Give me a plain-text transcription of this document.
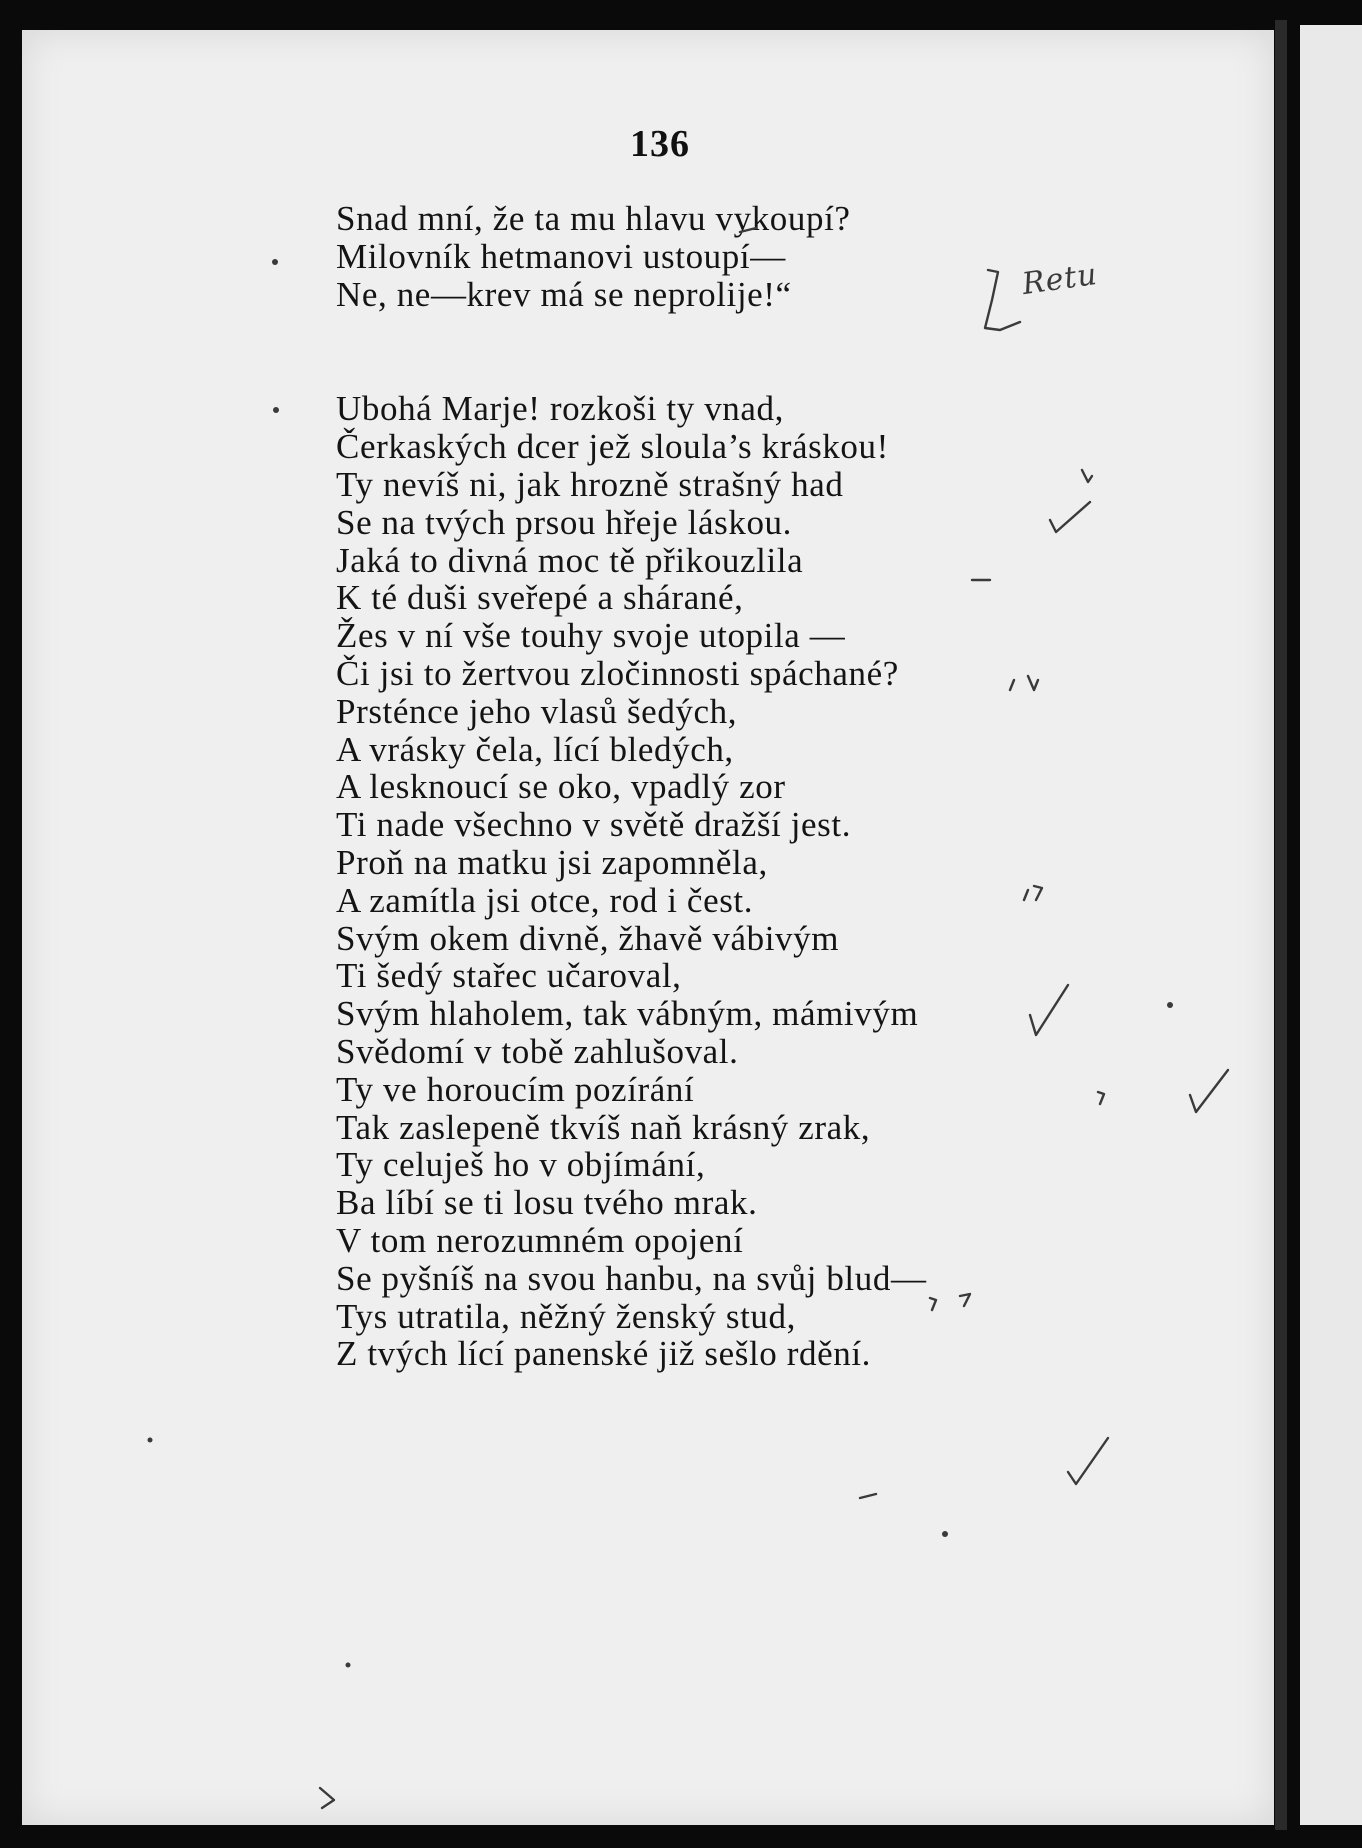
136
Snad mní, že ta mu hlavu vykoupí?
Milovník hetmanovi ustoupí—
Ne, ne—krev má se neprolije!“
Ubohá Marje! rozkoši ty vnad,
Čerkaských dcer jež sloula’s kráskou!
Ty nevíš ni, jak hrozně strašný had
Se na tvých prsou hřeje láskou.
Jaká to divná moc tě přikouzlila
K té duši sveřepé a shárané,
Žes v ní vše touhy svoje utopila —
Či jsi to žertvou zločinnosti spáchané?
Prsténce jeho vlasů šedých,
A vrásky čela, lící bledých,
A lesknoucí se oko, vpadlý zor
Ti nade všechno v světě dražší jest.
Proň na matku jsi zapomněla,
A zamítla jsi otce, rod i čest.
Svým okem divně, žhavě vábivým
Ti šedý stařec učaroval,
Svým hlaholem, tak vábným, mámivým
Svědomí v tobě zahlušoval.
Ty ve horoucím pozírání
Tak zaslepeně tkvíš naň krásný zrak,
Ty celuješ ho v objímání,
Ba líbí se ti losu tvého mrak.
V tom nerozumném opojení
Se pyšníš na svou hanbu, na svůj blud—
Tys utratila, něžný ženský stud,
Z tvých lící panenské již sešlo rdění.
Retu
